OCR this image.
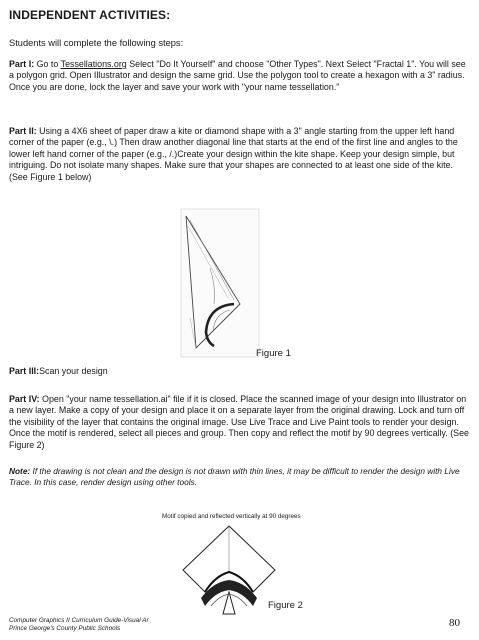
INDEPENDENT ACTIVITIES:
Students will complete the following steps:
Part I: Go to Tessellations.org Select "Do It Yourself" and choose "Other Types". Next Select "Fractal 1". You will see a polygon grid. Open Illustrator and design the same grid. Use the polygon tool to create a hexagon with a 3" radius. Once you are done, lock the layer and save your work with "your name tessellation."
Part II: Using a 4X6 sheet of paper draw a kite or diamond shape with a 3" angle starting from the upper left hand corner of the paper (e.g., \.) Then draw another diagonal line that starts at the end of the first line and angles to the lower left hand corner of the paper (e.g., /.)Create your design within the kite shape. Keep your design simple, but intriguing. Do not isolate many shapes. Make sure that your shapes are connected to at least one side of the kite. (See Figure 1 below)
Figure 1
Part III:Scan your design
Part IV: Open "your name tessellation.ai" file if it is closed. Place the scanned image of your design into Illustrator on a new layer. Make a copy of your design and place it on a separate layer from the original drawing. Lock and turn off the visibility of the layer that contains the original image. Use Live Trace and Live Paint tools to render your design. Once the motif is rendered, select all pieces and group. Then copy and reflect the motif by 90 degrees vertically. (See Figure 2)
Note: If the drawing is not clean and the design is not drawn with thin lines, it may be difficult to render the design with Live Trace. In this case, render design using other tools.
Motif copied and reflected vertically at 90 degrees
Figure 2
Computer Graphics II Curriculum Guide-Visual Ar
Prince George's County Public Schools	80
